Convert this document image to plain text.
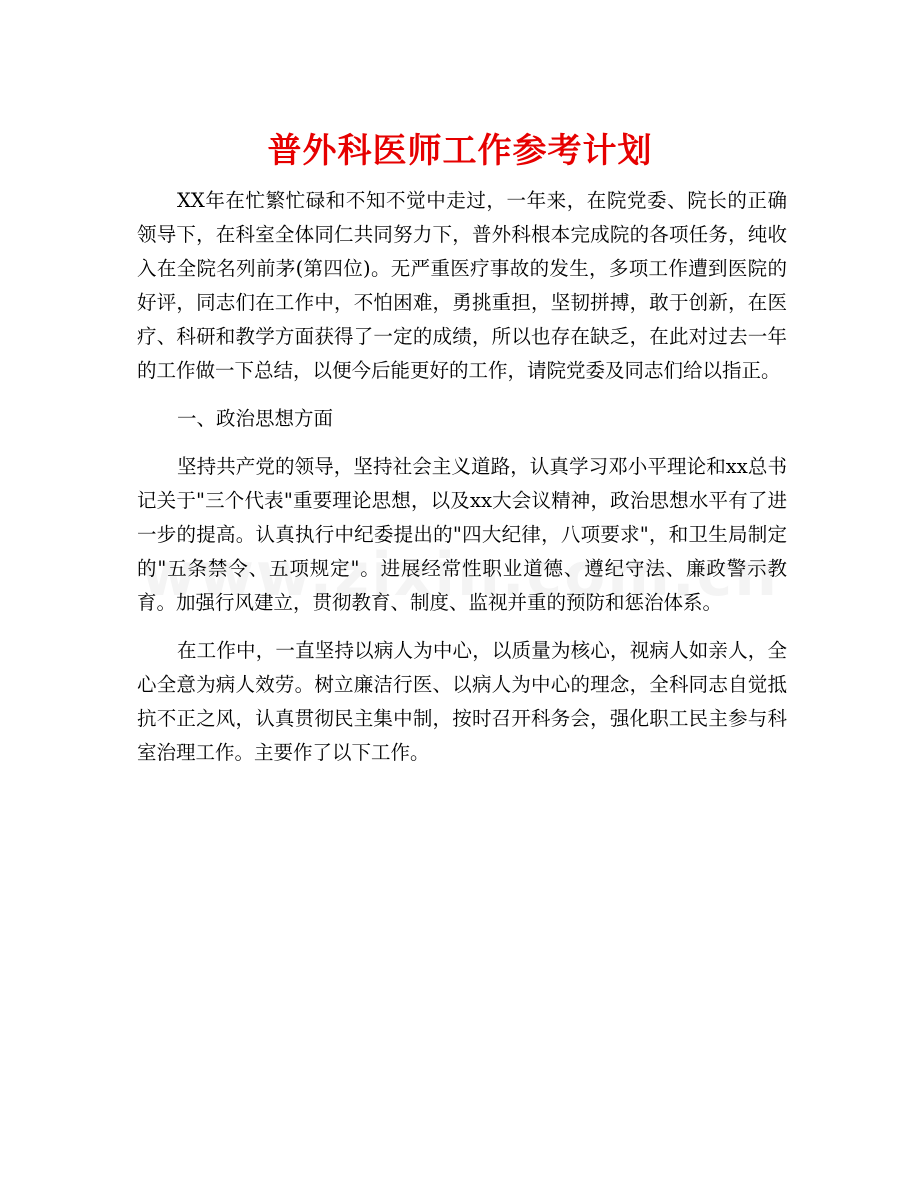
普外科医师工作参考计划

XX年在忙繁忙碌和不知不觉中走过，一年来，在院党委、院长的正确领导下，在科室全体同仁共同努力下，普外科根本完成院的各项任务，纯收入在全院名列前茅(第四位)。无严重医疗事故的发生，多项工作遭到医院的好评，同志们在工作中，不怕困难，勇挑重担，坚韧拼搏，敢于创新，在医疗、科研和教学方面获得了一定的成绩，所以也存在缺乏，在此对过去一年的工作做一下总结，以便今后能更好的工作，请院党委及同志们给以指正。

一、政治思想方面

坚持共产党的领导，坚持社会主义道路，认真学习邓小平理论和xx总书记关于"三个代表"重要理论思想，以及xx大会议精神，政治思想水平有了进一步的提高。认真执行中纪委提出的"四大纪律，八项要求"，和卫生局制定的"五条禁令、五项规定"。进展经常性职业道德、遵纪守法、廉政警示教育。加强行风建立，贯彻教育、制度、监视并重的预防和惩治体系。

在工作中，一直坚持以病人为中心，以质量为核心，视病人如亲人，全心全意为病人效劳。树立廉洁行医、以病人为中心的理念，全科同志自觉抵抗不正之风，认真贯彻民主集中制，按时召开科务会，强化职工民主参与科室治理工作。主要作了以下工作。
